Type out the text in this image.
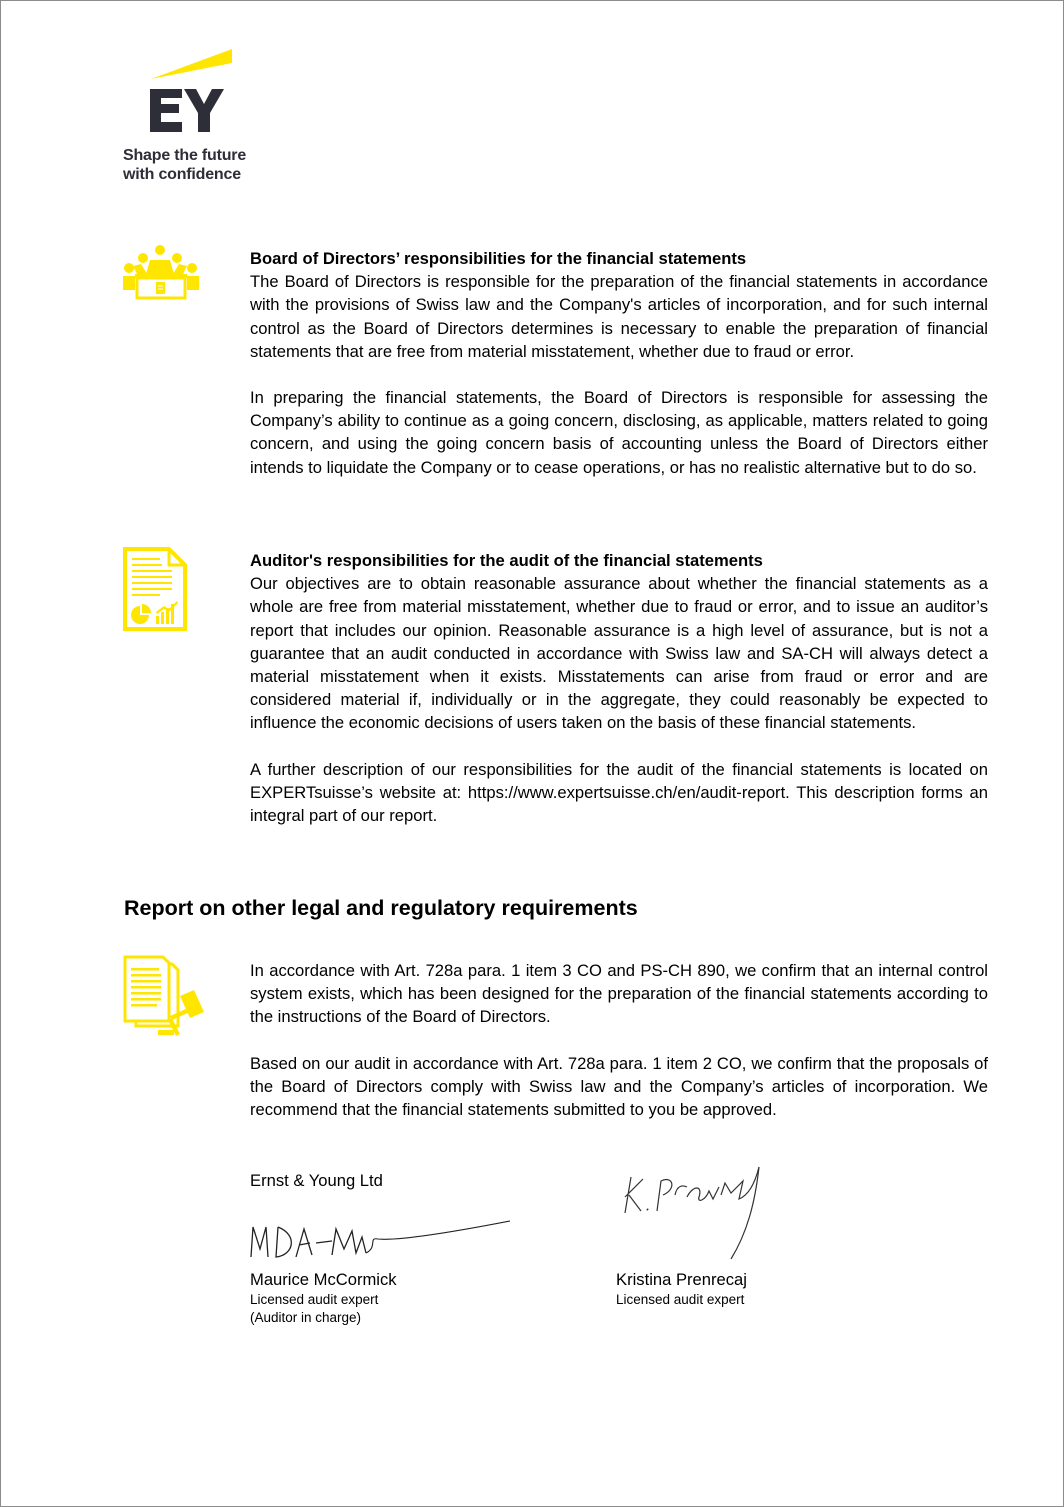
Shape the future
with confidence
Board of Directors’ responsibilities for the financial statements

The Board of Directors is responsible for the preparation of the financial statements in accordance with the provisions of Swiss law and the Company's articles of incorporation, and for such internal control as the Board of Directors determines is necessary to enable the preparation of financial statements that are free from material misstatement, whether due to fraud or error.

In preparing the financial statements, the Board of Directors is responsible for assessing the Company’s ability to continue as a going concern, disclosing, as applicable, matters related to going concern, and using the going concern basis of accounting unless the Board of Directors either intends to liquidate the Company or to cease operations, or has no realistic alternative but to do so.

Auditor's responsibilities for the audit of the financial statements

Our objectives are to obtain reasonable assurance about whether the financial statements as a whole are free from material misstatement, whether due to fraud or error, and to issue an auditor’s report that includes our opinion. Reasonable assurance is a high level of assurance, but is not a guarantee that an audit conducted in accordance with Swiss law and SA-CH will always detect a material misstatement when it exists. Misstatements can arise from fraud or error and are considered material if, individually or in the aggregate, they could reasonably be expected to influence the economic decisions of users taken on the basis of these financial statements.

A further description of our responsibilities for the audit of the financial statements is located on EXPERTsuisse’s website at: https://www.expertsuisse.ch/en/audit-report. This description forms an integral part of our report.

Report on other legal and regulatory requirements

In accordance with Art. 728a para. 1 item 3 CO and PS-CH 890, we confirm that an internal control system exists, which has been designed for the preparation of the financial statements according to the instructions of the Board of Directors.

Based on our audit in accordance with Art. 728a para. 1 item 2 CO, we confirm that the proposals of the Board of Directors comply with Swiss law and the Company’s articles of incorporation. We recommend that the financial statements submitted to you be approved.

Ernst & Young Ltd
Maurice McCormick
Licensed audit expert
(Auditor in charge)
Kristina Prenrecaj
Licensed audit expert
